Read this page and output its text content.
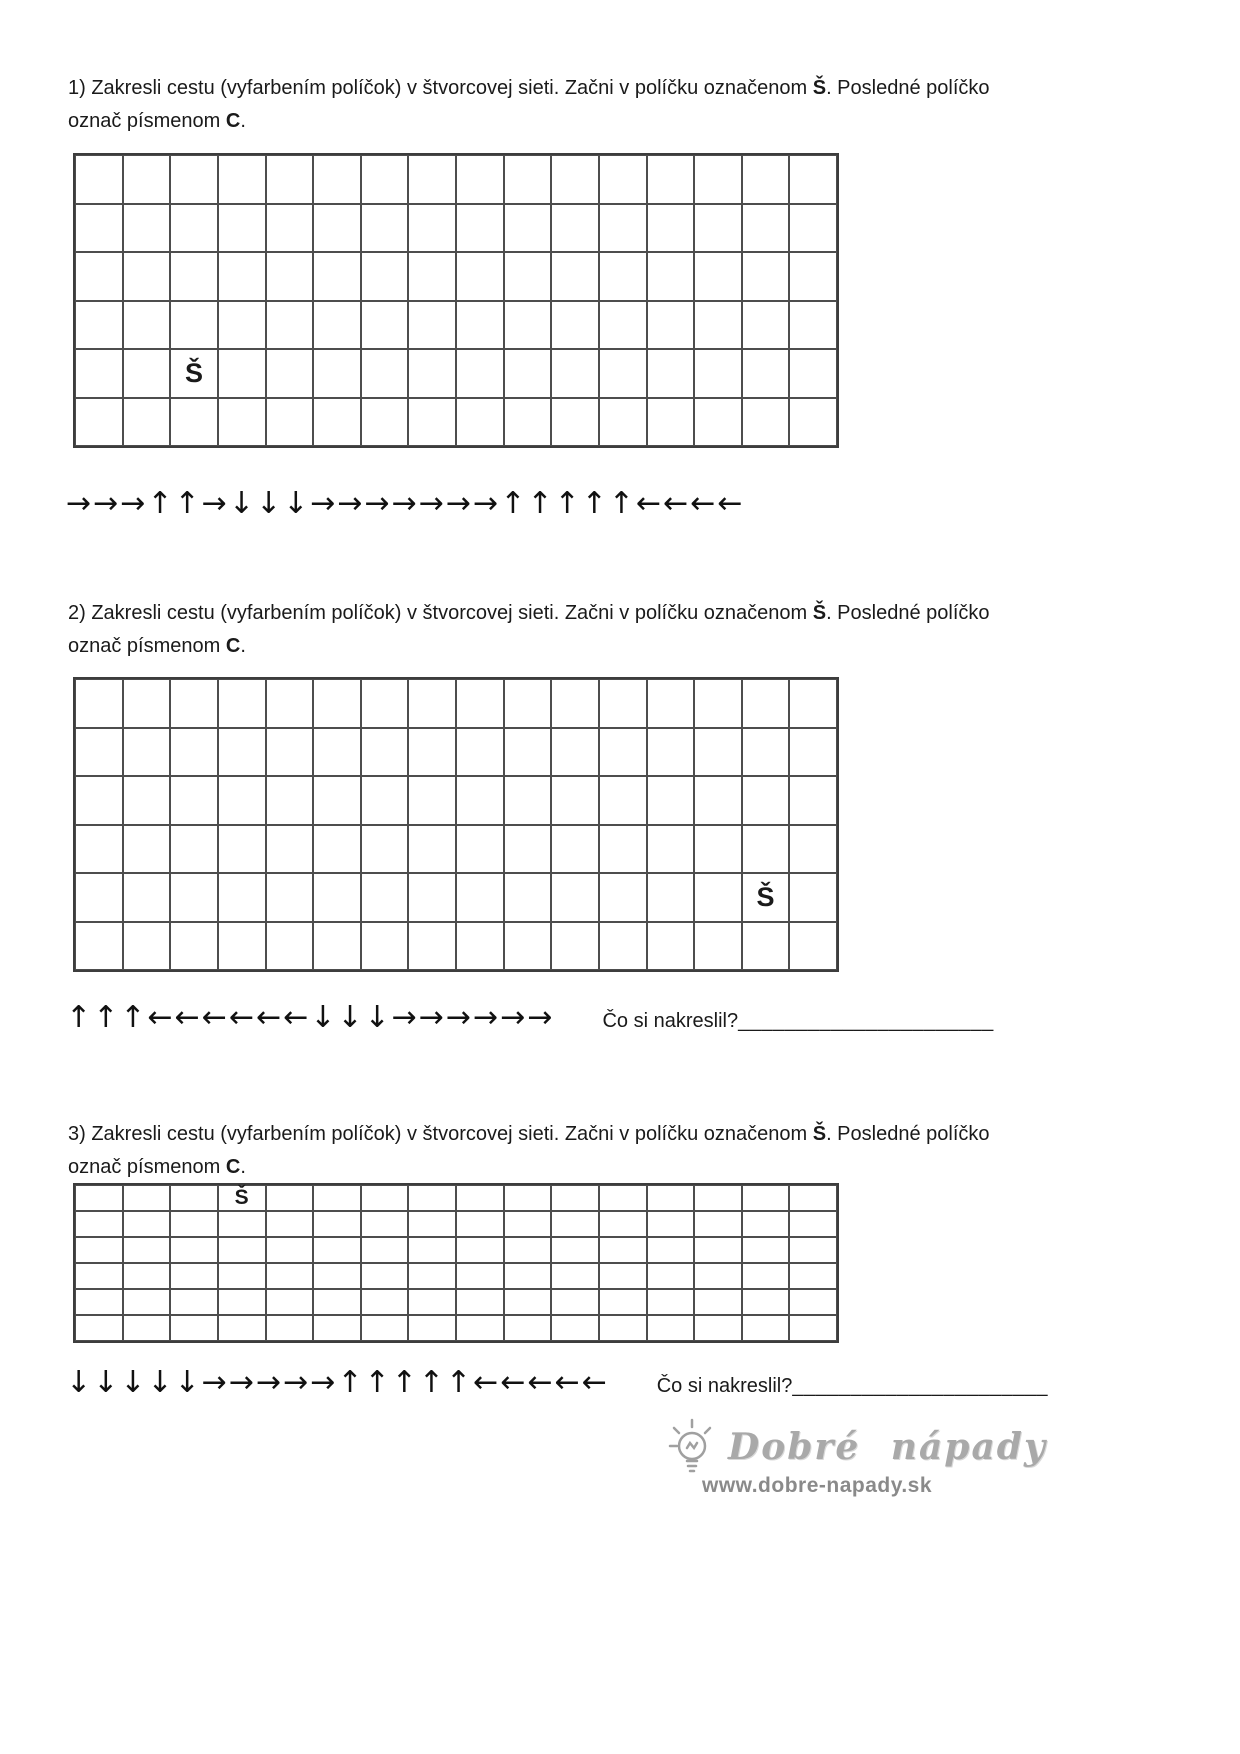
1) Zakresli cestu (vyfarbením políčok) v štvorcovej sieti. Začni v políčku označenom Š. Posledné políčko
označ písmenom C.
Š
→→→↑↑→↓↓↓→→→→→→→↑↑↑↑↑←←←←
2) Zakresli cestu (vyfarbením políčok) v štvorcovej sieti. Začni v políčku označenom Š. Posledné políčko
označ písmenom C.
Š
↑↑↑←←←←←←↓↓↓→→→→→→ Čo si nakreslil? ______________________
3) Zakresli cestu (vyfarbením políčok) v štvorcovej sieti. Začni v políčku označenom Š. Posledné políčko
označ písmenom C.
Š
↓↓↓↓↓→→→→→↑↑↑↑↑←←←←← Čo si nakreslil? ______________________
Dobré nápady
www.dobre-napady.sk
